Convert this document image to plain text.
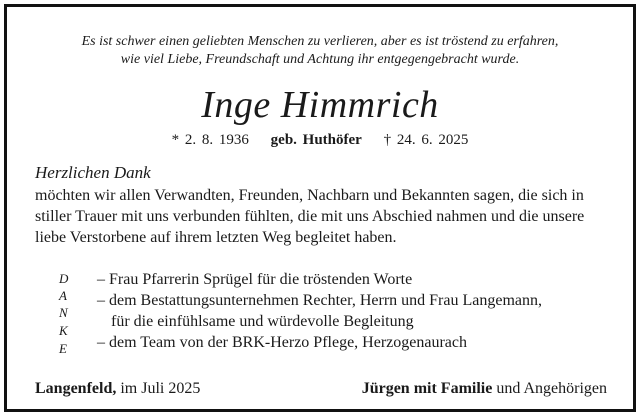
Es ist schwer einen geliebten Menschen zu verlieren, aber es ist tröstend zu erfahren,
wie viel Liebe, Freundschaft und Achtung ihr entgegengebracht wurde.
Inge Himmrich
* 2. 8. 1936 geb. Huthöfer † 24. 6. 2025
Herzlichen Dank
möchten wir allen Verwandten, Freunden, Nachbarn und Bekannten sagen, die sich in
stiller Trauer mit uns verbunden fühlten, die mit uns Abschied nahmen und die unsere
liebe Verstorbene auf ihrem letzten Weg begleitet haben.
D
A
N
K
E
– Frau Pfarrerin Sprügel für die tröstenden Worte
– dem Bestattungsunternehmen Rechter, Herrn und Frau Langemann,
für die einfühlsame und würdevolle Begleitung
– dem Team von der BRK-Herzo Pflege, Herzogenaurach
Langenfeld, im Juli 2025	Jürgen mit Familie und Angehörigen
